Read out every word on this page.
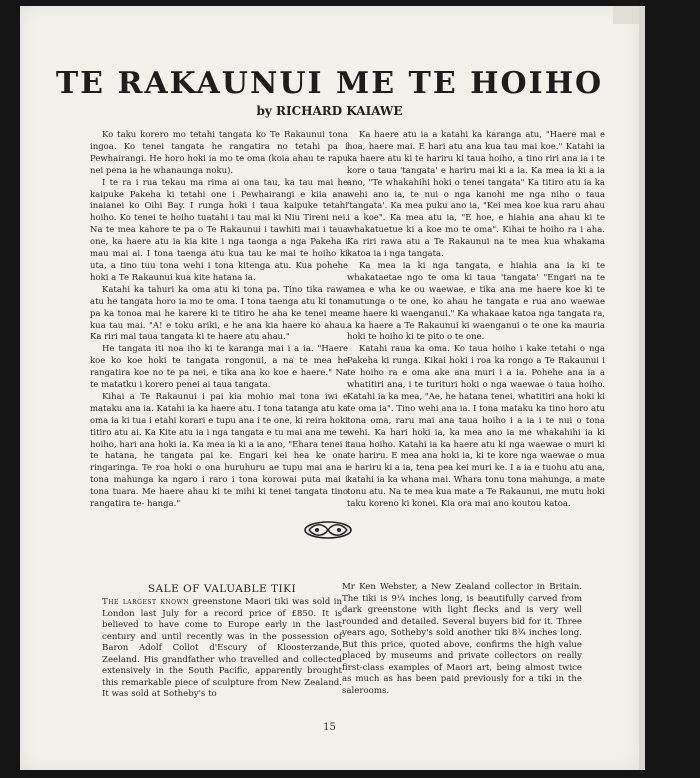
TE RAKAUNUI ME TE HOIHO
by RICHARD KAIAWE

Ko taku korero mo tetahi tangata ko Te Rakaunui tona ingoa. Ko tenei tangata he rangatira no tetahi pa i Pewhairangi. He horo hoki ia mo te oma (koia ahau te rapu nei pena ia he whanaunga noku).

I te ra i rua tekau ma rima ai ona tau, ka tau mai he kaipuke Pakeha ki tetahi one i Pewhairangi e kiia ana inaianei ko Oihi Bay. I runga hoki i taua kaipuke tetahi hoiho. Ko tenei te hoiho tuatahi i tau mai ki Niu Tireni nei. Na te mea kahore te pa o Te Rakaunui i tawhiti mai i taua one, ka haere atu ia kia kite i nga taonga a nga Pakeha i mau mai ai. I tona taenga atu kua tau ke mai te hoiho ki uta, a tino tuu tona wehi i tona kitenga atu. Kua pohehe hoki a Te Rakaunui kua kite hatana ia.

Katahi ka tahuri ka oma atu ki tona pa. Tino tika rawa atu he tangata horo ia mo te oma. I tona taenga atu ki tona pa ka tonoa mai he karere ki te titiro he aha ke tenei mea kua tau mai. "A! e toku ariki, e he ana kia haere ko ahau. Ka riri mai taua tangata ki te haere atu ahau."

He tangata iti noa iho ki te karanga mai i a ia. "Haere koe ko koe hoki te tangata rongonui, a na te mea he rangatira koe no te pa nei, e tika ana ko koe e haere." Na te matatku i korero penei ai taua tangata.

Kihai a Te Rakaunui i pai kia mohio mai tona iwi e mataku ana ia. Katahi ia ka haere atu. I tona tatanga atu ka oma ia ki tua i etahi korari e tupu ana i te one, ki reira hoki titiro atu ai. Ka Kite atu ia i nga tangata e tu mai ana me te hoiho, hari ana hoki ia. Ka mea ia ki a ia ano, "Ehara tenei i te hatana, he tangata pai ke. Engari kei hea ke ona ringaringa. Te roa hoki o ona huruhuru ae tupu mai ana i tona mahunga ka ngaro i raro i tona korowai puta mai i tona tuara. Me haere ahau ki te mihi ki tenei tangata tino rangatira te- hanga."

Ka haere atu ia a katahi ka karanga atu, "Haere mai e hoa, haere mai. E hari atu ana kua tau mai koe." Katahi ia ka haere atu ki te hariru ki taua hoiho, a tino riri ana ia i te kore o taua 'tangata' e hariru mai ki a ia. Ka mea ia ki a ia ano, "Te whakahihi hoki o tenei tangata" Ka titiro atu ia ka wehi ano ia, te nui o nga kanohi me nga niho o taua 'tangata'. Ka mea puku ano ia, "Kei mea koe kua raru ahau i a koe". Ka mea atu ia, "E hoe, e hiahia ana ahau ki te whakatuetue ki a koe mo te oma". Kihai te hoiho ra i aha. Ka riri rawa atu a Te Rakaunui na te mea kua whakama katoa ia i nga tangata.

Ka mea ia ki nga tangata, e hiahia ana ia ki te whakataetae ngo te oma ki taua 'tangata' "Engari na te mea e wha ke ou waewae, e tika ana me haere koe ki te mutunga o te one, ko ahau he tangata e rua ano waewae me haere ki waenganui." Ka whakaae katoa nga tangata ra, a ka haere a Te Rakaunui ki waenganui o te one ka mauria hoki te hoiho ki te pito o te one.

Katahi raua ka oma. Ko taua hoiho i kake tetahi o nga Pakeha ki runga. Kikai hoki i roa ka rongo a Te Rakaunui i te hoiho ra e oma ake ana muri i a ia. Pohehe ana ia a whatitiri ana, i te turituri hoki o nga waewae o taua hoiho. Katahi ia ka mea, "Ae, he hatana tenei, whatitiri ana hoki ki te oma ia". Tino wehi ana ia. I tona mataku ka tino horo atu tona oma, raru mai ana taua hoiho i a ia i te nui o tona wehi. Ka hari hoki ia, ka mea ano ia me whakahihi ia ki taua hoiho. Katahi ia ka haere atu ki nga waewae o muri ki te hariru. E mea ana hoki ia, ki te kore nga waewae o mua e hariru ki a ia, tena pea kei muri ke. I a ia e tuohu atu ana, katahi ia ka whana mai. Whara tonu tona mahunga, a mate tonu atu. Na te mea kua mate a Te Rakaunui, me mutu hoki taku koreno ki konei. Kia ora mai ano koutou katoa.

SALE OF VALUABLE TIKI

The largest known greenstone Maori tiki was sold in London last July for a record price of £850. It is believed to have come to Europe early in the last century and until recently was in the possession of Baron Adolf Collot d'Escury of Kloosterzande, Zeeland. His grandfather who travelled and collected extensively in the South Pacific, apparently brought this remarkable piece of sculpture from New Zealand. It was sold at Sotheby's to

Mr Ken Webster, a New Zealand collector in Britain. The tiki is 9¼ inches long, is beautifully carved from dark greenstone with light flecks and is very well rounded and detailed. Several buyers bid for it. Three years ago, Sotheby's sold another tiki 8¾ inches long. But this price, quoted above, confirms the high value placed by museums and private collectors on really first-class examples of Maori art, being almost twice as much as has been paid previously for a tiki in the salerooms.

15
